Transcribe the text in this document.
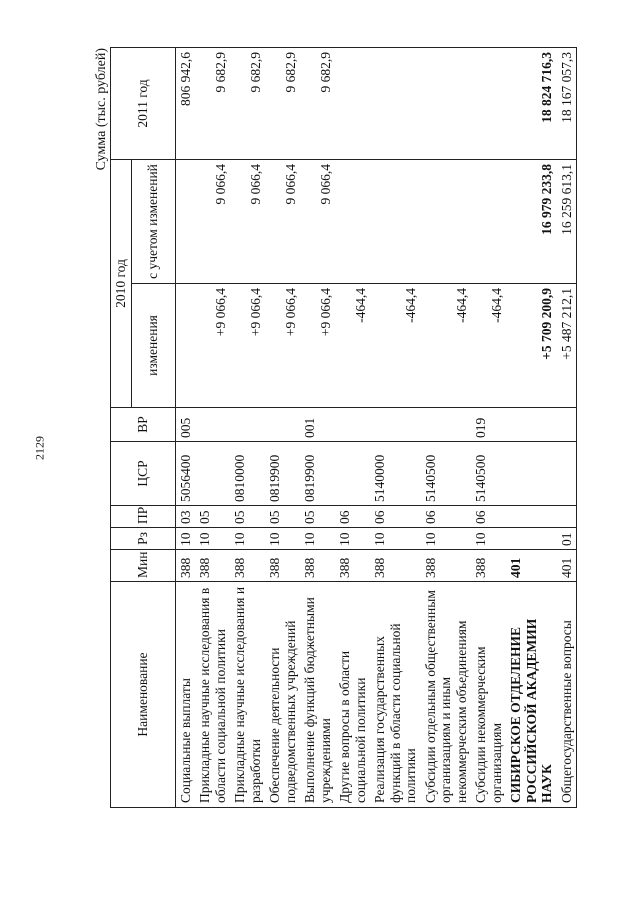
2129
Сумма (тыс. рублей)
Наименование	Мин	Рз	ПР	ЦСР	ВР	2010 год		2011 год
						изменения	с учетом изменений	
Социальные выплаты	388	10	03	5056400	005			806 942,6
Прикладные научные исследования в области социальной политики	388	10	05			+9 066,4	9 066,4	9 682,9
Прикладные научные исследования и разработки	388	10	05	0810000		+9 066,4	9 066,4	9 682,9
Обеспечение деятельности подведомственных учреждений	388	10	05	0819900		+9 066,4	9 066,4	9 682,9
Выполнение функций бюджетными учреждениями	388	10	05	0819900	001	+9 066,4	9 066,4	9 682,9
Другие вопросы в области социальной политики	388	10	06			-464,4		
Реализация государственных функций в области социальной политики	388	10	06	5140000		-464,4		
Субсидии отдельным общественным организациям и иным некоммерческим объединениям	388	10	06	5140500		-464,4		
Субсидии некоммерческим организациям	388	10	06	5140500	019	-464,4		
СИБИРСКОЕ ОТДЕЛЕНИЕ РОССИЙСКОЙ АКАДЕМИИ НАУК	401					+5 709 200,9	16 979 233,8	18 824 716,3
Общегосударственные вопросы	401	01				+5 487 212,1	16 259 613,1	18 167 057,3
